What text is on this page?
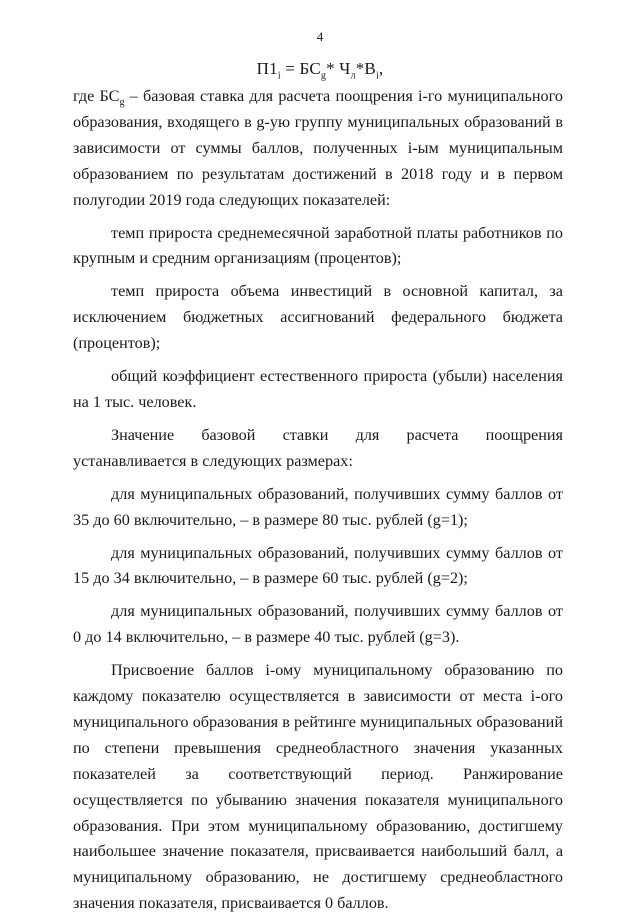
4
$П1_i = БС_g*$ $Ч_л*В_i$,

где $БС_g$ – базовая ставка для расчета поощрения i-го муниципального образования, входящего в g-ую группу муниципальных образований в зависимости от суммы баллов, полученных i-ым муниципальным образованием по результатам достижений в 2018 году и в первом полугодии 2019 года следующих показателей:

темп прироста среднемесячной заработной платы работников по крупным и средним организациям (процентов);

темп прироста объема инвестиций в основной капитал, за исключением бюджетных ассигнований федерального бюджета (процентов);

общий коэффициент естественного прироста (убыли) населения на 1 тыс. человек.

Значение базовой ставки для расчета поощрения устанавливается в следующих размерах:

для муниципальных образований, получивших сумму баллов от 35 до 60 включительно, – в размере 80 тыс. рублей (g=1);

для муниципальных образований, получивших сумму баллов от 15 до 34 включительно, – в размере 60 тыс. рублей (g=2);

для муниципальных образований, получивших сумму баллов от 0 до 14 включительно, – в размере 40 тыс. рублей (g=3).

Присвоение баллов i-ому муниципальному образованию по каждому показателю осуществляется в зависимости от места i-ого муниципального образования в рейтинге муниципальных образований по степени превышения среднеобластного значения указанных показателей за соответствующий период. Ранжирование осуществляется по убыванию значения показателя муниципального образования. При этом муниципальному образованию, достигшему наибольшее значение показателя, присваивается наибольший балл, а муниципальному образованию, не достигшему среднеобластного значения показателя, присваивается 0 баллов.
